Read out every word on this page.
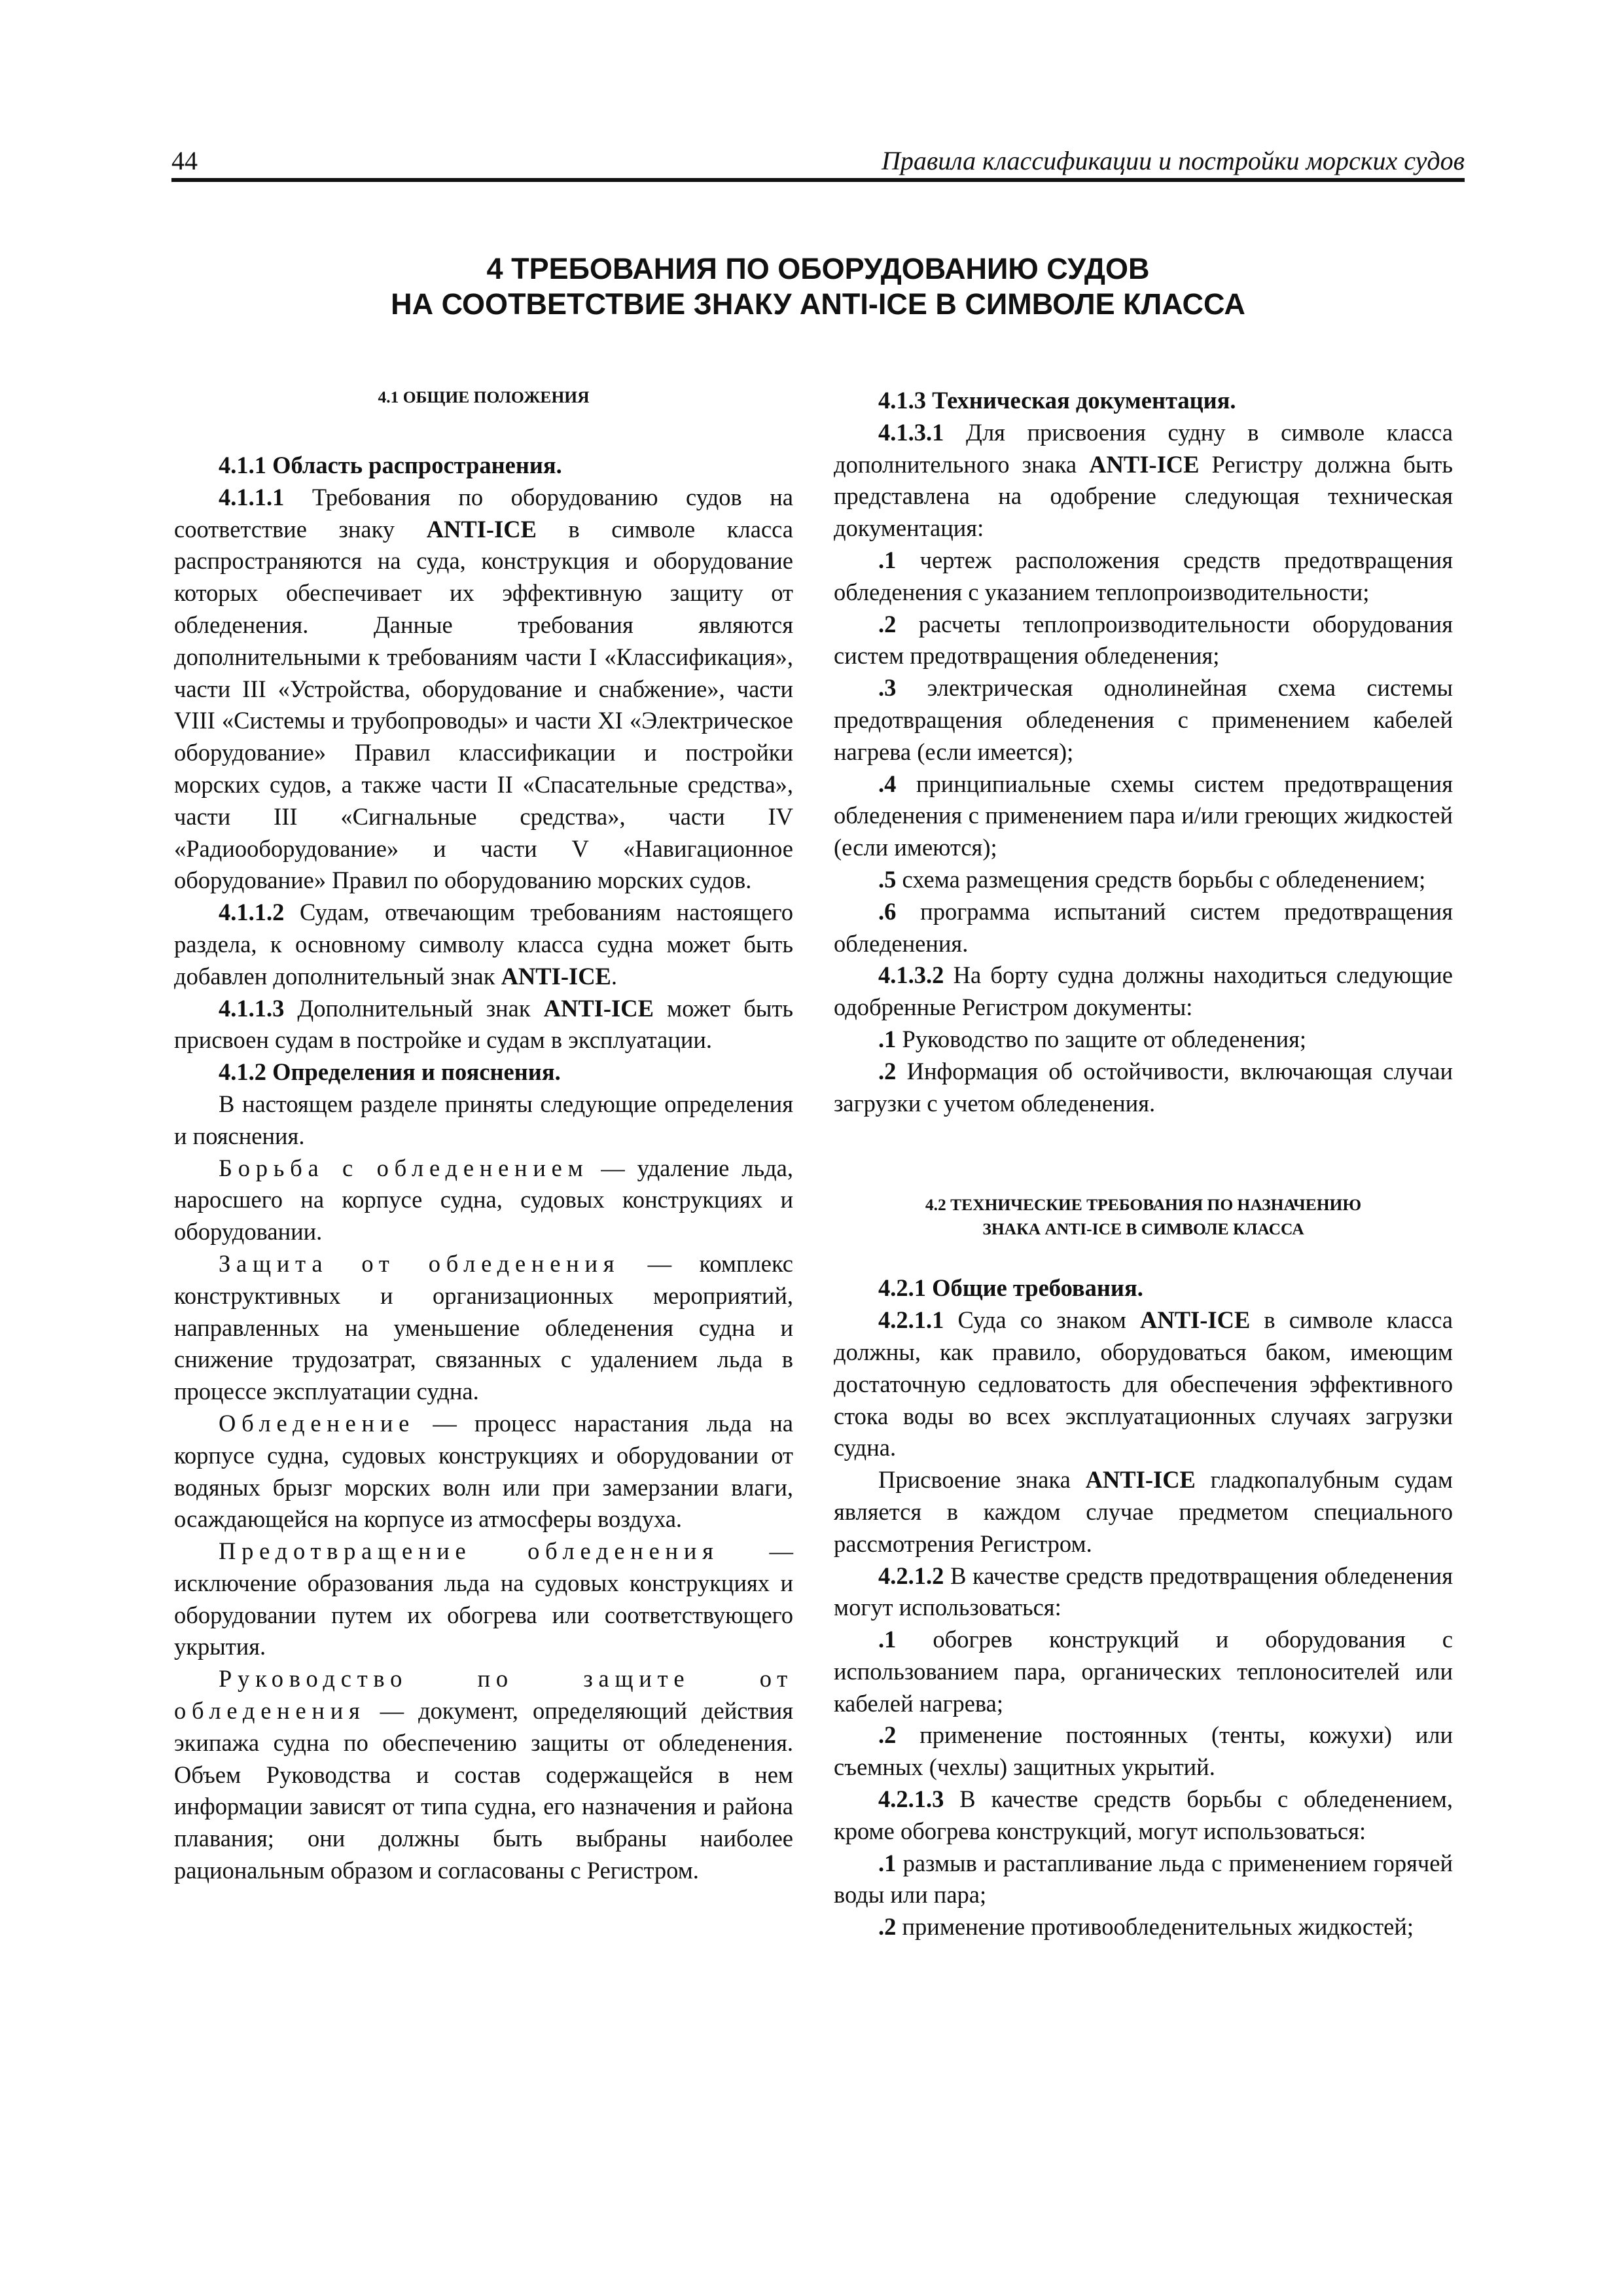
44	Правила классификации и постройки морских судов
4 ТРЕБОВАНИЯ ПО ОБОРУДОВАНИЮ СУДОВ
НА СООТВЕТСТВИЕ ЗНАКУ ANTI-ICE В СИМВОЛЕ КЛАССА
4.1 ОБЩИЕ ПОЛОЖЕНИЯ

4.1.1 Область распространения.

4.1.1.1 Требования по оборудованию судов на соответствие знаку ANTI-ICE в символе класса распространяются на суда, конструкция и оборудование которых обеспечивает их эффективную защиту от обледенения. Данные требования являются дополнительными к требованиям части I «Классификация», части III «Устройства, оборудование и снабжение», части VIII «Системы и трубопроводы» и части XI «Электрическое оборудование» Правил классификации и постройки морских судов, а также части II «Спасательные средства», части III «Сигнальные средства», части IV «Радиооборудование» и части V «Навигационное оборудование» Правил по оборудованию морских судов.

4.1.1.2 Судам, отвечающим требованиям настоящего раздела, к основному символу класса судна может быть добавлен дополнительный знак ANTI-ICE.

4.1.1.3 Дополнительный знак ANTI-ICE может быть присвоен судам в постройке и судам в эксплуатации.

4.1.2 Определения и пояснения.

В настоящем разделе приняты следующие определения и пояснения.

Борьба с обледенением — удаление льда, наросшего на корпусе судна, судовых конструкциях и оборудовании.

Защита от обледенения — комплекс конструктивных и организационных мероприятий, направленных на уменьшение обледенения судна и снижение трудозатрат, связанных с удалением льда в процессе эксплуатации судна.

Обледенение — процесс нарастания льда на корпусе судна, судовых конструкциях и оборудовании от водяных брызг морских волн или при замерзании влаги, осаждающейся на корпусе из атмосферы воздуха.

Предотвращение обледенения — исключение образования льда на судовых конструкциях и оборудовании путем их обогрева или соответствующего укрытия.

Руководство по защите от обледенения — документ, определяющий действия экипажа судна по обеспечению защиты от обледенения. Объем Руководства и состав содержащейся в нем информации зависят от типа судна, его назначения и района плавания; они должны быть выбраны наиболее рациональным образом и согласованы с Регистром.

4.1.3 Техническая документация.

4.1.3.1 Для присвоения судну в символе класса дополнительного знака ANTI-ICE Регистру должна быть представлена на одобрение следующая техническая документация:

.1 чертеж расположения средств предотвращения обледенения с указанием теплопроизводительности;

.2 расчеты теплопроизводительности оборудования систем предотвращения обледенения;

.3 электрическая однолинейная схема системы предотвращения обледенения с применением кабелей нагрева (если имеется);

.4 принципиальные схемы систем предотвращения обледенения с применением пара и/или греющих жидкостей (если имеются);

.5 схема размещения средств борьбы с обледенением;

.6 программа испытаний систем предотвращения обледенения.

4.1.3.2 На борту судна должны находиться следующие одобренные Регистром документы:

.1 Руководство по защите от обледенения;

.2 Информация об остойчивости, включающая случаи загрузки с учетом обледенения.

4.2 ТЕХНИЧЕСКИЕ ТРЕБОВАНИЯ ПО НАЗНАЧЕНИЮ
ЗНАКА ANTI-ICE В СИМВОЛЕ КЛАССА

4.2.1 Общие требования.

4.2.1.1 Суда со знаком ANTI-ICE в символе класса должны, как правило, оборудоваться баком, имеющим достаточную седловатость для обеспечения эффективного стока воды во всех эксплуатационных случаях загрузки судна.

Присвоение знака ANTI-ICE гладкопалубным судам является в каждом случае предметом специального рассмотрения Регистром.

4.2.1.2 В качестве средств предотвращения обледенения могут использоваться:

.1 обогрев конструкций и оборудования с использованием пара, органических теплоносителей или кабелей нагрева;

.2 применение постоянных (тенты, кожухи) или съемных (чехлы) защитных укрытий.

4.2.1.3 В качестве средств борьбы с обледенением, кроме обогрева конструкций, могут использоваться:

.1 размыв и растапливание льда с применением горячей воды или пара;

.2 применение противообледенительных жидкостей;
